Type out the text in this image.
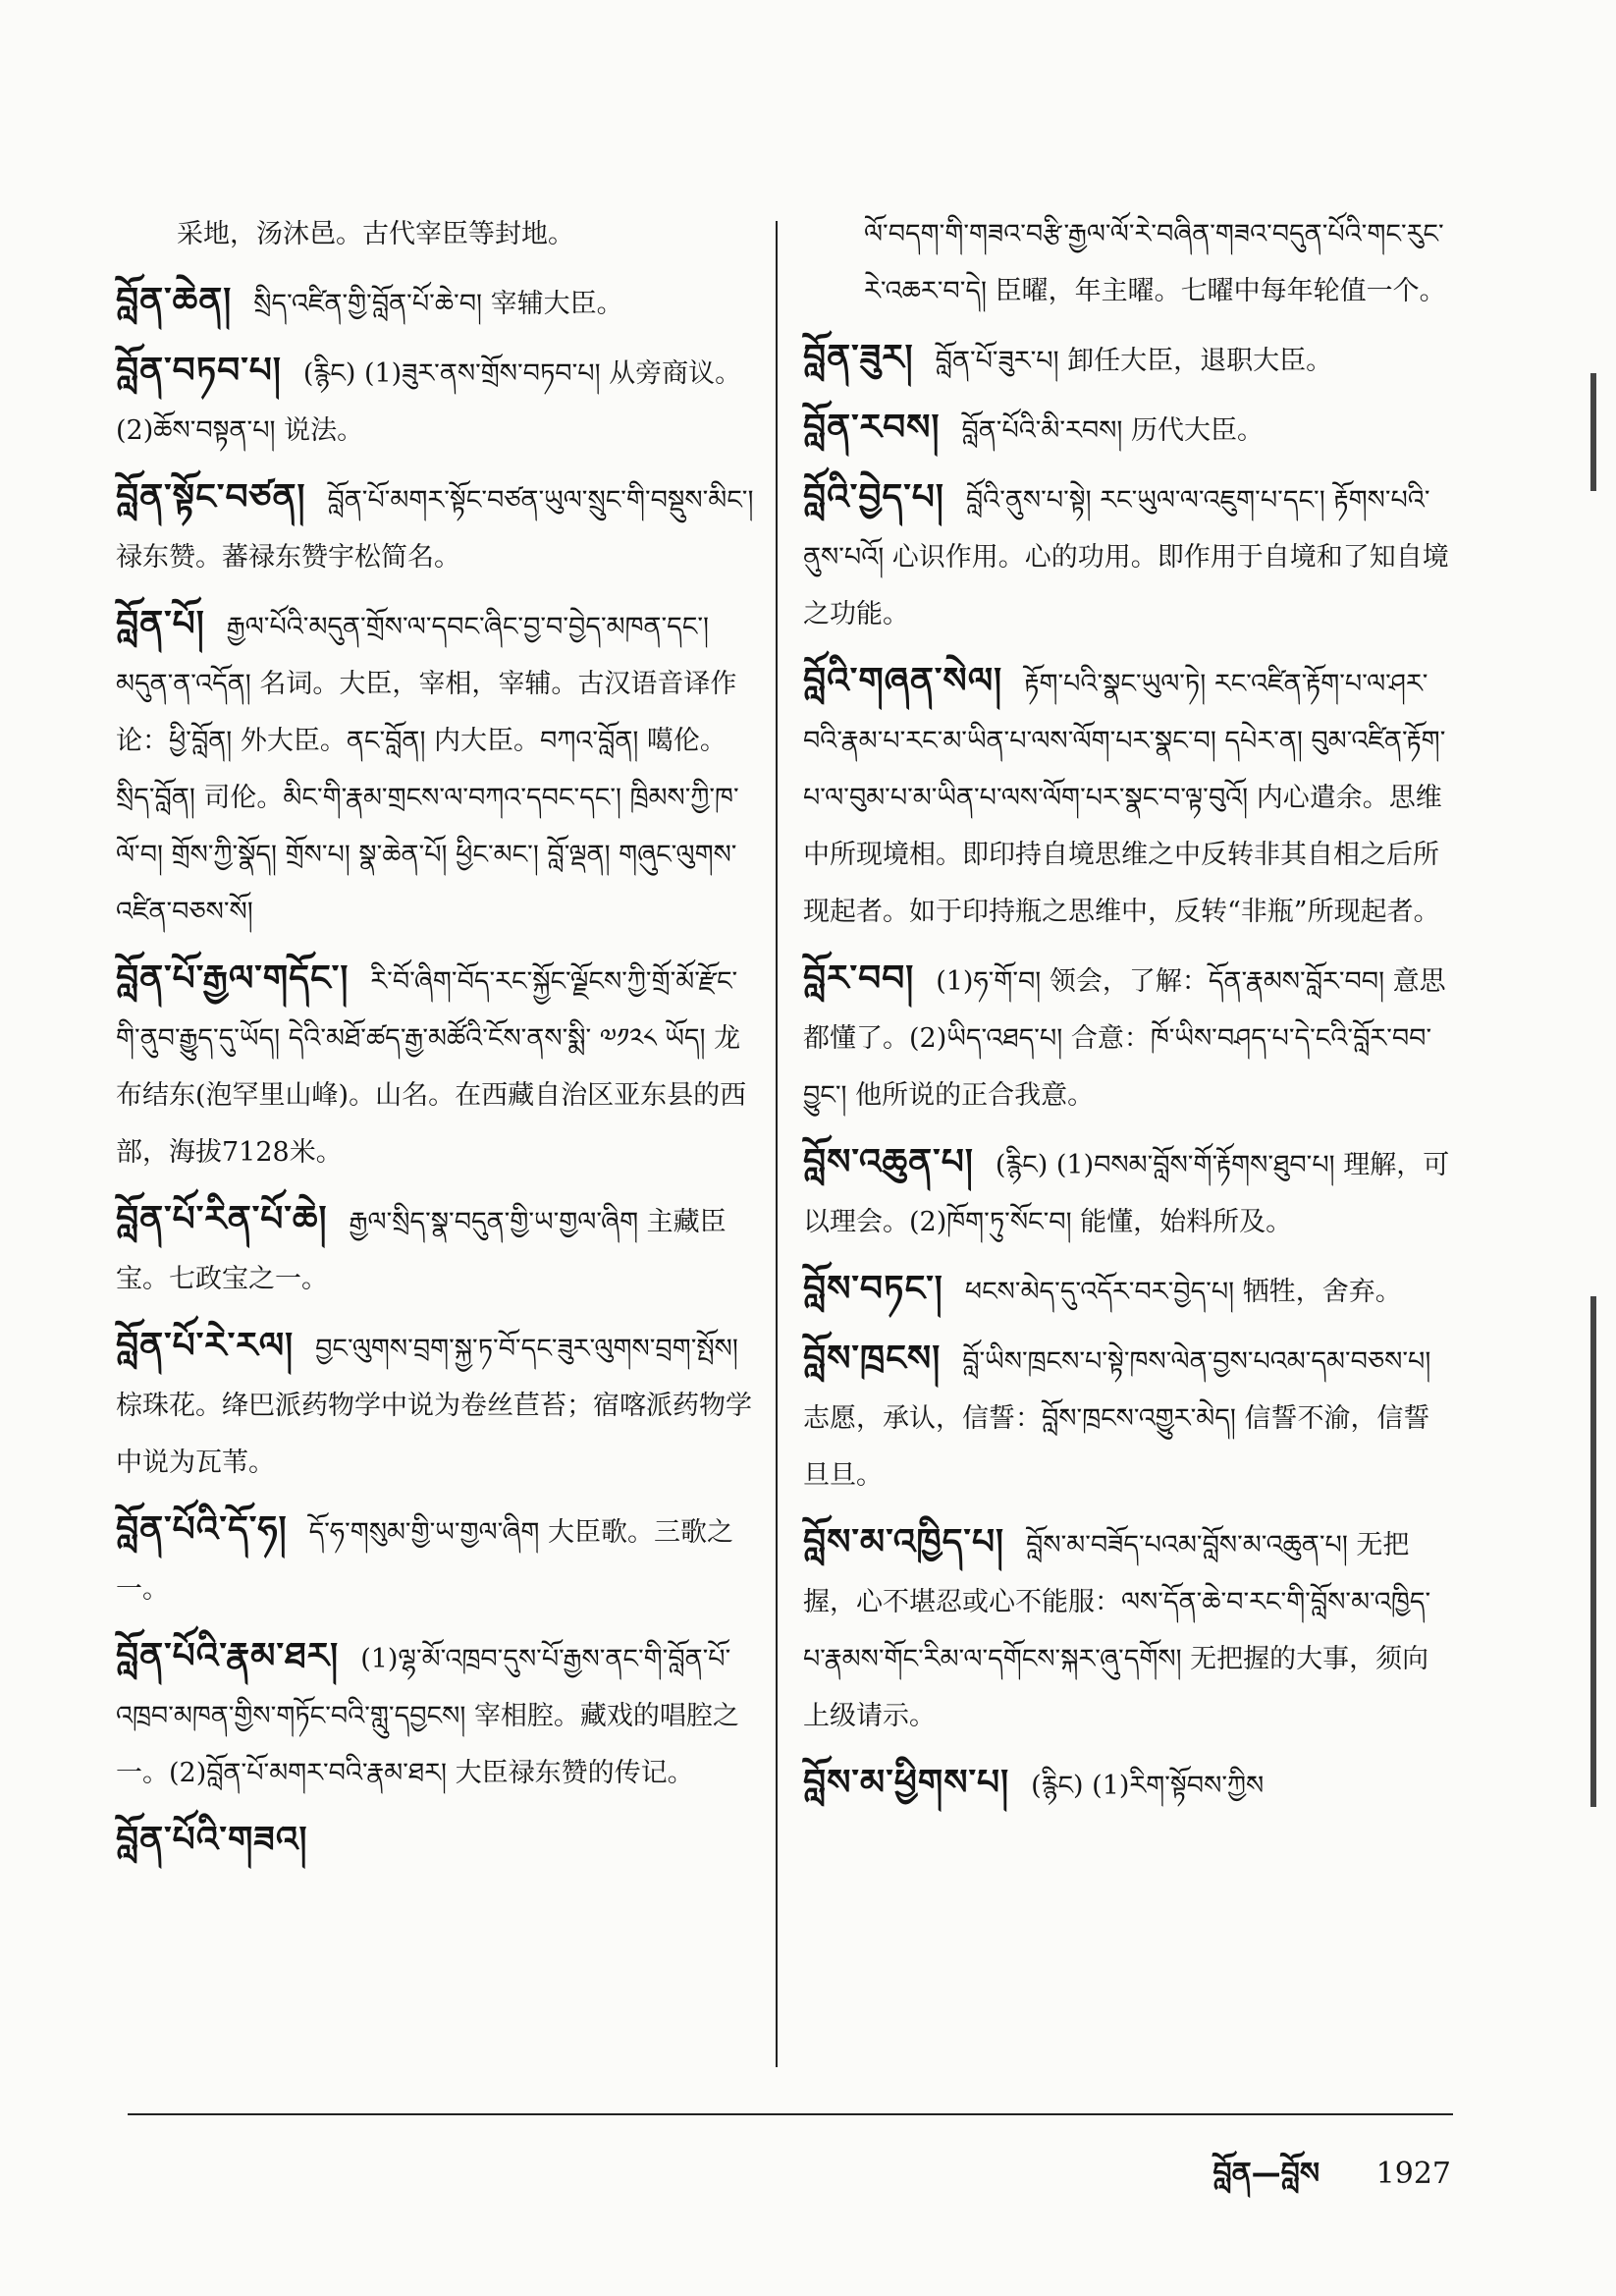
采地，汤沐邑。古代宰臣等封地。
བློན་ཆེན། སྲིད་འཛིན་གྱི་བློན་པོ་ཆེ་བ། 宰辅大臣。
བློན་བཏབ་པ། (རྙིང) (1)ཟུར་ནས་གྲོས་བཏབ་པ། 从旁商议。(2)ཆོས་བསྟན་པ། 说法。
བློན་སྟོང་བཙན། བློན་པོ་མགར་སྟོང་བཙན་ཡུལ་སྲུང་གི་བསྡུས་མིང་། 禄东赞。蕃禄东赞宇松简名。
བློན་པོ། རྒྱལ་པོའི་མདུན་གྲོས་ལ་དབང་ཞིང་བྱ་བ་བྱེད་མཁན་དང་། མདུན་ན་འདོན། 名词。大臣，宰相，宰辅。古汉语音译作论：ཕྱི་བློན། 外大臣。ནང་བློན། 内大臣。བཀའ་བློན། 噶伦。སྲིད་བློན། 司伦。མིང་གི་རྣམ་གྲངས་ལ་བཀའ་དབང་དང་། ཁྲིམས་ཀྱི་ཁ་ལོ་བ། གྲོས་ཀྱི་སྣོད། གྲོས་པ། སྣ་ཆེན་པོ། ཕྱིང་མང་། བློ་ལྡན། གཞུང་ལུགས་འཛིན་བཅས་སོ།
བློན་པོ་རྒྱལ་གདོང་། རི་བོ་ཞིག་བོད་རང་སྐྱོང་ལྗོངས་ཀྱི་གྲོ་མོ་རྫོང་གི་ནུབ་རྒྱུད་དུ་ཡོད། དེའི་མཐོ་ཚད་རྒྱ་མཚོའི་ངོས་ནས་སྨི་ ༧༡༢༨ ཡོད། 龙布结东(泡罕里山峰)。山名。在西藏自治区亚东县的西部，海拔7128米。
བློན་པོ་རིན་པོ་ཆེ། རྒྱལ་སྲིད་སྣ་བདུན་གྱི་ཡ་གྱལ་ཞིག 主藏臣宝。七政宝之一。
བློན་པོ་རེ་རལ། བྱང་ལུགས་བྲག་སྐྱ་ཏ་བོ་དང་ཟུར་ལུགས་བྲག་སྤོས། 棕珠花。绛巴派药物学中说为卷丝苣苔；宿喀派药物学中说为瓦苇。
བློན་པོའི་དོ་ཧ། དོ་ཧ་གསུམ་གྱི་ཡ་གྱལ་ཞིག 大臣歌。三歌之一。
བློན་པོའི་རྣམ་ཐར། (1)ལྷ་མོ་འཁྲབ་དུས་པོ་རྒྱས་ནང་གི་བློན་པོ་འཁྲབ་མཁན་གྱིས་གཏོང་བའི་གླུ་དབྱངས། 宰相腔。藏戏的唱腔之一。(2)བློན་པོ་མགར་བའི་རྣམ་ཐར། 大臣禄东赞的传记。
བློན་པོའི་གཟའ།
ལོ་བདག་གི་གཟའ་བརྩི་རྒྱལ་ལོ་རེ་བཞིན་གཟའ་བདུན་པོའི་གང་རུང་རེ་འཆར་བ་དེ། 臣曜，年主曜。七曜中每年轮值一个。
བློན་ཟུར། བློན་པོ་ཟུར་པ། 卸任大臣，退职大臣。
བློན་རབས། བློན་པོའི་མི་རབས། 历代大臣。
བློའི་བྱེད་པ། བློའི་ནུས་པ་སྟེ། རང་ཡུལ་ལ་འཇུག་པ་དང་། རྟོགས་པའི་ནུས་པའོ། 心识作用。心的功用。即作用于自境和了知自境之功能。
བློའི་གཞན་སེལ། རྟོག་པའི་སྣང་ཡུལ་ཏེ། རང་འཛིན་རྟོག་པ་ལ་ཤར་བའི་རྣམ་པ་རང་མ་ཡིན་པ་ལས་ལོག་པར་སྣང་བ། དཔེར་ན། བུམ་འཛིན་རྟོག་པ་ལ་བུམ་པ་མ་ཡིན་པ་ལས་ལོག་པར་སྣང་བ་ལྟ་བུའོ། 内心遣余。思维中所现境相。即印持自境思维之中反转非其自相之后所现起者。如于印持瓶之思维中，反转“非瓶”所现起者。
བློར་བབ། (1)ཧ་གོ་བ། 领会，了解：དོན་རྣམས་བློར་བབ། 意思都懂了。(2)ཡིད་འཐད་པ། 合意：ཁོ་ཡིས་བཤད་པ་དེ་ངའི་བློར་བབ་བྱུང་། 他所说的正合我意。
བློས་འཆུན་པ། (རྙིང) (1)བསམ་བློས་གོ་རྟོགས་ཐུབ་པ། 理解，可以理会。(2)ཁོག་ཏུ་སོང་བ། 能懂，始料所及。
བློས་བཏང་། ཕངས་མེད་དུ་འདོར་བར་བྱེད་པ། 牺牲，舍弃。
བློས་ཁྲངས། བློ་ཡིས་ཁྲངས་པ་སྟེ་ཁས་ལེན་བྱས་པའམ་དམ་བཅས་པ། 志愿，承认，信誓：བློས་ཁྲངས་འགྱུར་མེད། 信誓不渝，信誓旦旦。
བློས་མ་འཁྱིད་པ། བློས་མ་བཟོད་པའམ་བློས་མ་འཆུན་པ། 无把握，心不堪忍或心不能服：ལས་དོན་ཆེ་བ་རང་གི་བློས་མ་འཁྱིད་པ་རྣམས་གོང་རིམ་ལ་དགོངས་སྐར་ཞུ་དགོས། 无把握的大事，须向上级请示。
བློས་མ་ཕྱིགས་པ། (རྙིང) (1)རིག་སྟོབས་ཀྱིས
བློན—བློས 1927
